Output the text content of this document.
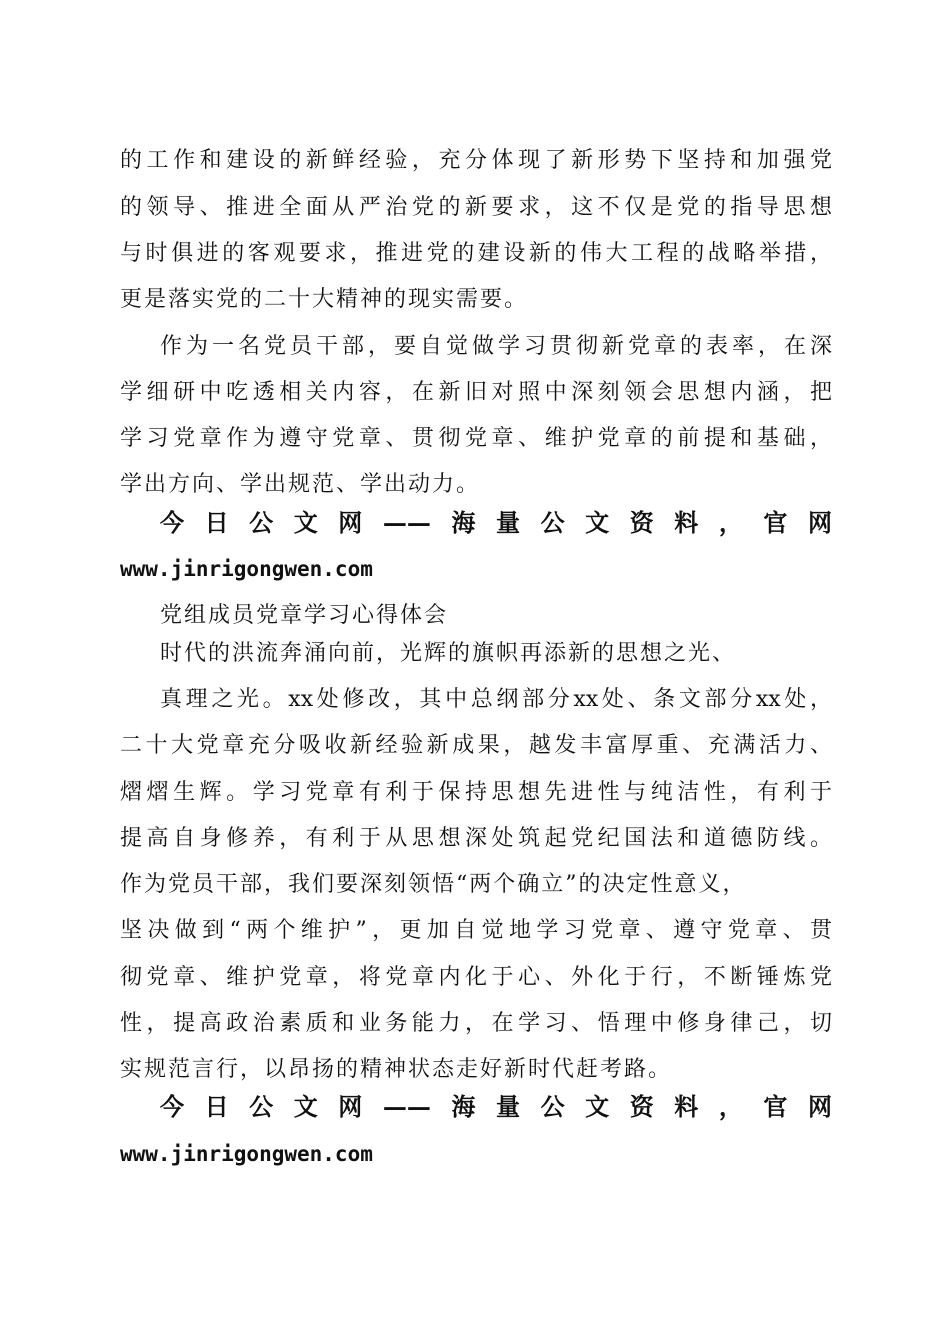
的工作和建设的新鲜经验，充分体现了新形势下坚持和加强党
的领导、推进全面从严治党的新要求，这不仅是党的指导思想
与时俱进的客观要求，推进党的建设新的伟大工程的战略举措，
更是落实党的二十大精神的现实需要。
作为一名党员干部，要自觉做学习贯彻新党章的表率，在深
学细研中吃透相关内容，在新旧对照中深刻领会思想内涵，把
学习党章作为遵守党章、贯彻党章、维护党章的前提和基础，
学出方向、学出规范、学出动力。
今日公文网——海量公文资料，官网
www.jinrigongwen.com
党组成员党章学习心得体会
时代的洪流奔涌向前，光辉的旗帜再添新的思想之光、
真理之光。xx处修改，其中总纲部分xx处、条文部分xx处，
二十大党章充分吸收新经验新成果，越发丰富厚重、充满活力、
熠熠生辉。学习党章有利于保持思想先进性与纯洁性，有利于
提高自身修养，有利于从思想深处筑起党纪国法和道德防线。
作为党员干部，我们要深刻领悟“两个确立”的决定性意义，
坚决做到“两个维护”，更加自觉地学习党章、遵守党章、贯
彻党章、维护党章，将党章内化于心、外化于行，不断锤炼党
性，提高政治素质和业务能力，在学习、悟理中修身律己，切
实规范言行，以昂扬的精神状态走好新时代赶考路。
今日公文网——海量公文资料，官网
www.jinrigongwen.com
